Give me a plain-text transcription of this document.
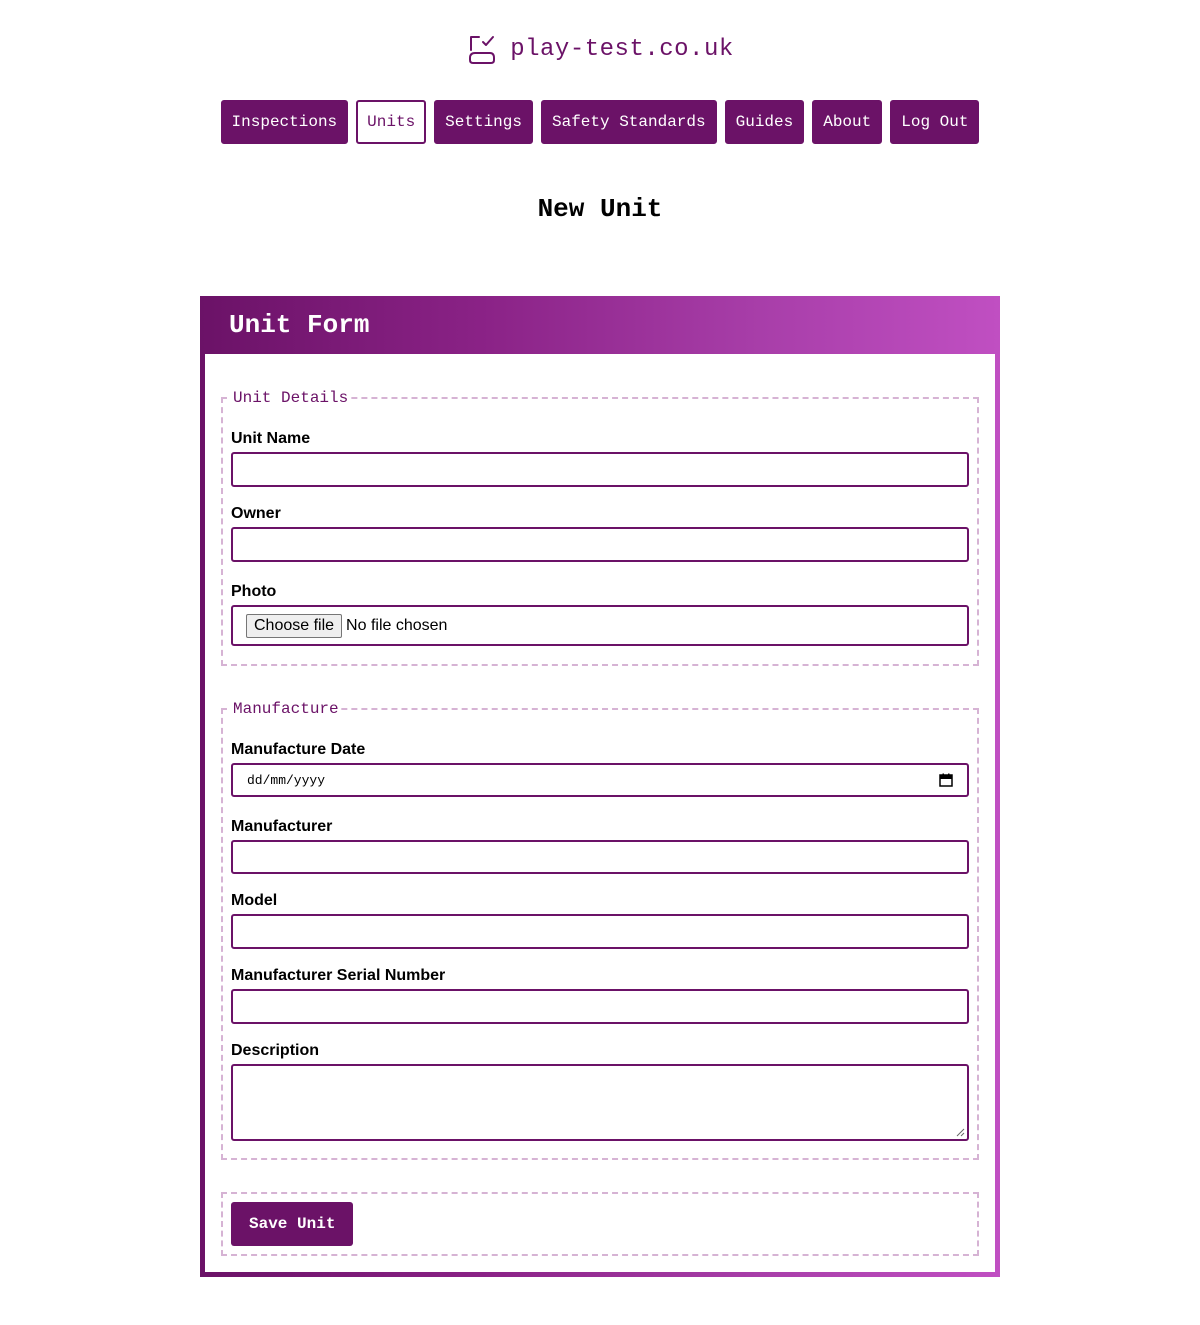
play-test.co.uk
Inspections	Units	Settings	Safety Standards	Guides	About	Log Out
New Unit
Unit Form
Unit Details
Unit Name
Owner
Photo
Choose file No file chosen
Manufacture
Manufacture Date
dd/mm/yyyy
Manufacturer
Model
Manufacturer Serial Number
Description
Save Unit
